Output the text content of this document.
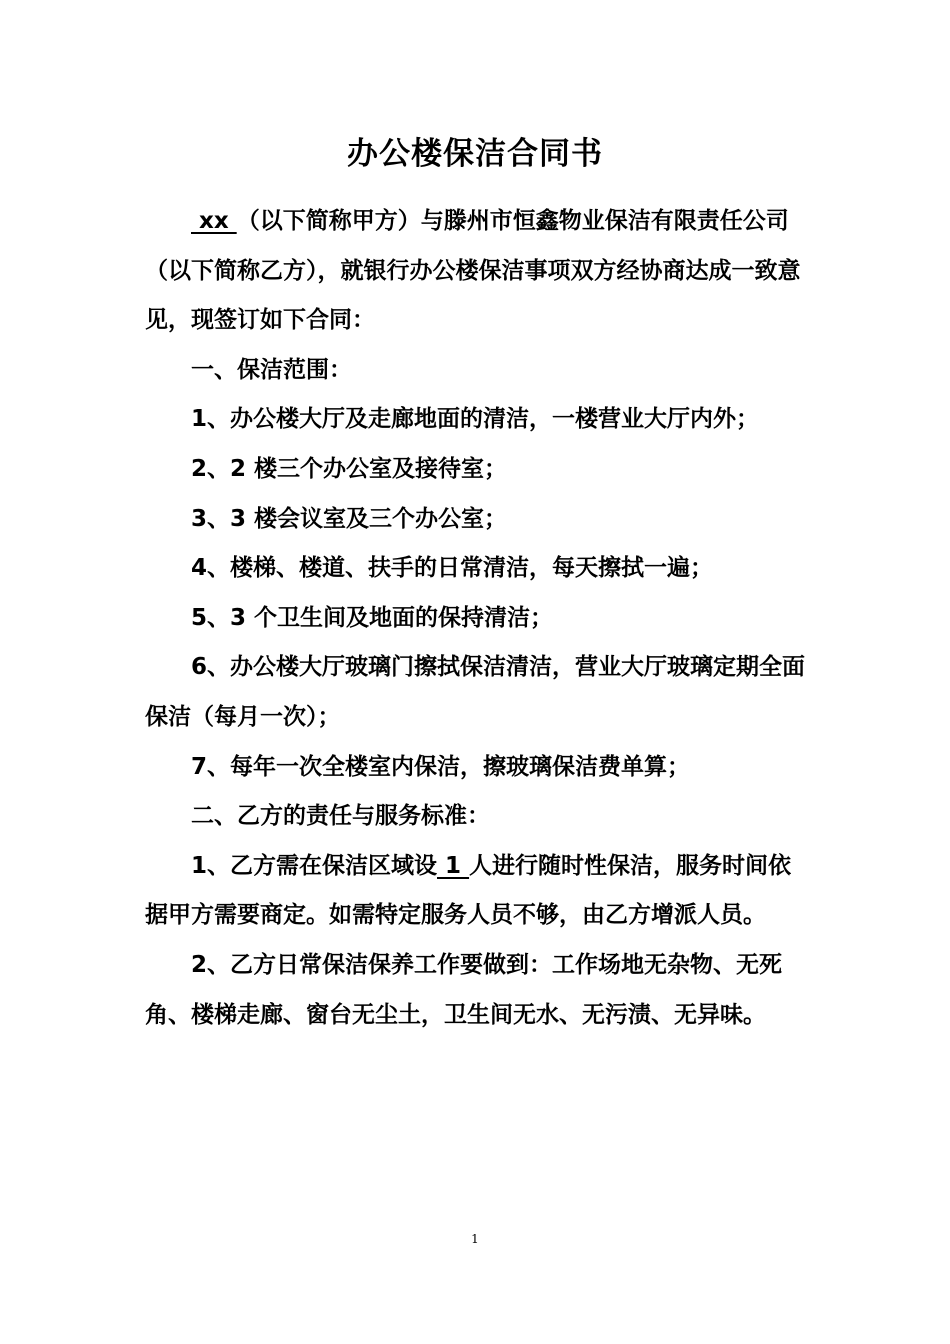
办公楼保洁合同书

xx （以下简称甲方）与滕州市恒鑫物业保洁有限责任公司（以下简称乙方），就银行办公楼保洁事项双方经协商达成一致意见，现签订如下合同：

一、保洁范围：

1、办公楼大厅及走廊地面的清洁，一楼营业大厅内外；

2、2 楼三个办公室及接待室；

3、3 楼会议室及三个办公室；

4、楼梯、楼道、扶手的日常清洁，每天擦拭一遍；

5、3 个卫生间及地面的保持清洁；

6、办公楼大厅玻璃门擦拭保洁清洁，营业大厅玻璃定期全面保洁（每月一次）；

7、每年一次全楼室内保洁，擦玻璃保洁费单算；

二、乙方的责任与服务标准：

1、乙方需在保洁区域设 1 人进行随时性保洁，服务时间依据甲方需要商定。如需特定服务人员不够，由乙方增派人员。

2、乙方日常保洁保养工作要做到：工作场地无杂物、无死角、楼梯走廊、窗台无尘土，卫生间无水、无污渍、无异味。

1
